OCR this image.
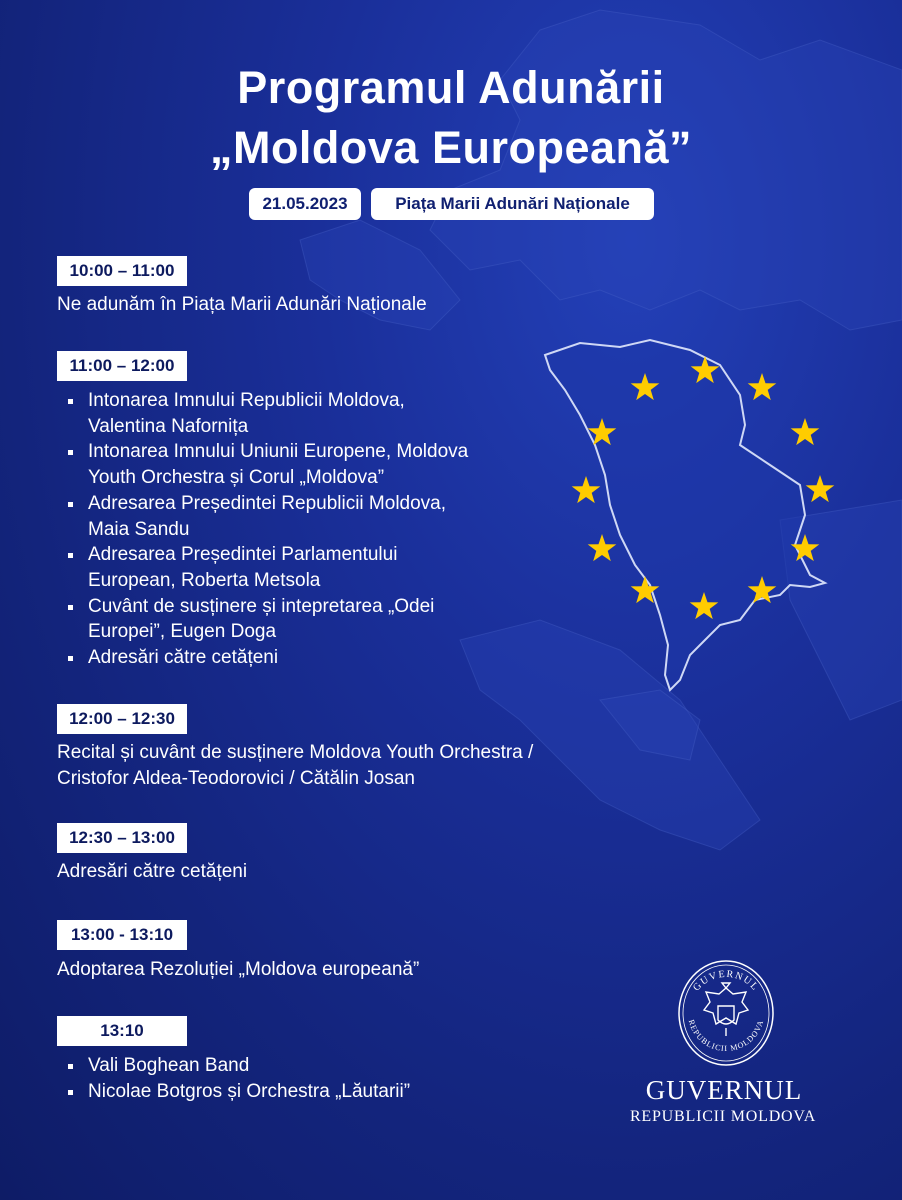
Programul Adunării
„Moldova Europeană”
21.05.2023	Piața Marii Adunări Naționale
10:00 – 11:00
Ne adunăm în Piața Marii Adunări Naționale
11:00 – 12:00
Intonarea Imnului Republicii Moldova,
Valentina Nafornița
Intonarea Imnului Uniunii Europene, Moldova
Youth Orchestra și Corul „Moldova”
Adresarea Președintei Republicii Moldova,
Maia Sandu
Adresarea Președintei Parlamentului
European, Roberta Metsola
Cuvânt de susținere și intepretarea „Odei
Europei”, Eugen Doga
Adresări către cetățeni
12:00 – 12:30
Recital și cuvânt de susținere Moldova Youth Orchestra /
Cristofor Aldea-Teodorovici / Cătălin Josan
12:30 – 13:00
Adresări către cetățeni
13:00 - 13:10
Adoptarea Rezoluției „Moldova europeană”
13:10
Vali Boghean Band
Nicolae Botgros și Orchestra „Lăutarii”
GUVERNUL
REPUBLICII MOLDOVA
GUVERNUL
REPUBLICII MOLDOVA
